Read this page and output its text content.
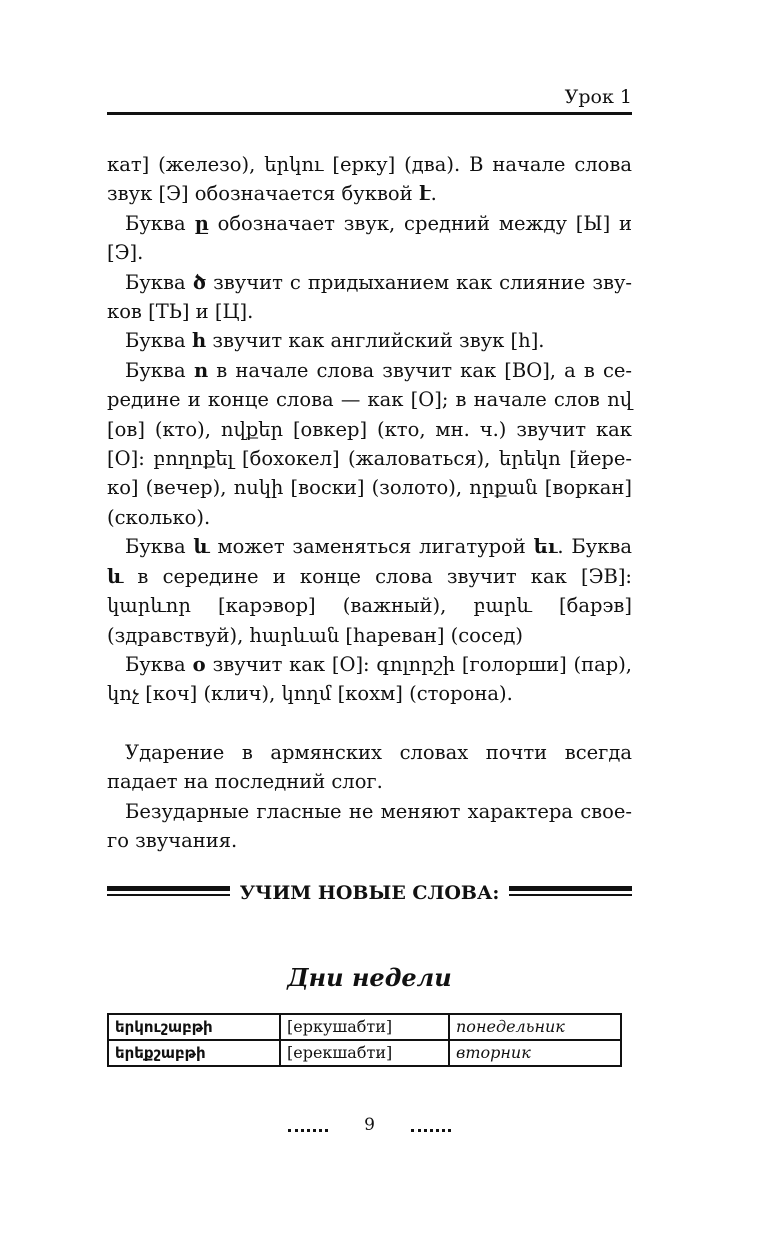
Урок 1

кат] (железо), երկու [ерку] (два). В начале слова звук [Э] обозначается буквой է.

Буква ը обозначает звук, средний между [Ы] и [Э].

Буква ծ звучит с придыханием как слияние звуков [ТЬ] и [Ц].

Буква հ звучит как английский звук [h].

Буква ո в начале слова звучит как [ВО], а в середине и конце слова — как [О]; в начале слов ով [ов] (кто), ովքեր [овкер] (кто, мн. ч.) звучит как [О]: բողոքել [бохокел] (жаловаться), երեկո [йереко] (вечер), ոսկի [воски] (золото), որքան [воркан] (сколько).

Буква և может заменяться лигатурой եւ. Буква և в середине и конце слова звучит как [ЭВ]: կարևոր [карэвор] (важный), բարև [барэв] (здравствуй), հարևան [hареван] (сосед)

Буква օ звучит как [О]: գոլորշի [голорши] (пар), կոչ [коч] (клич), կողմ [кохм] (сторона).

Ударение в армянских словах почти всегда падает на последний слог.

Безударные гласные не меняют характера своего звучания.

УЧИМ НОВЫЕ СЛОВА:
Дни недели
երկուշաբթի	[еркушабти]	понедельник
երեքշաբթի	[ерекшабти]	вторник
9
